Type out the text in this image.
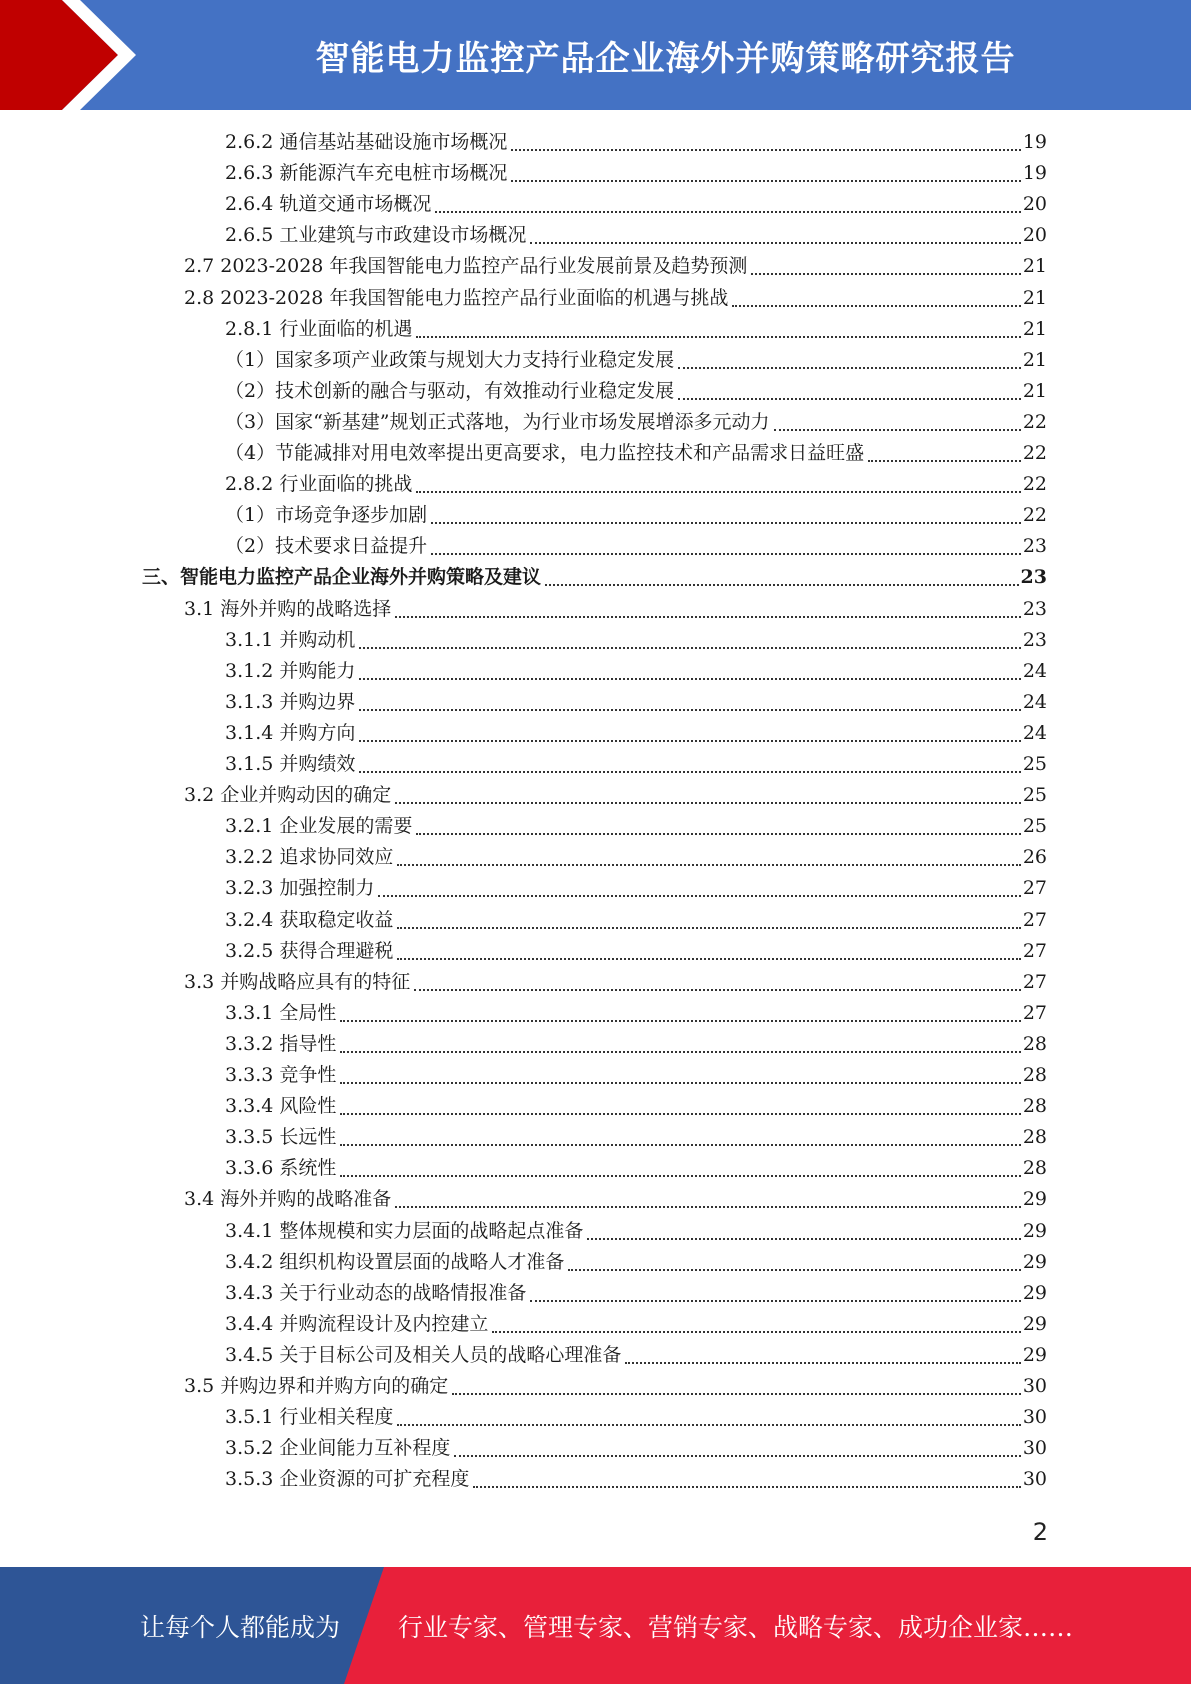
智能电力监控产品企业海外并购策略研究报告
2.6.2 通信基站基础设施市场概况	19
2.6.3 新能源汽车充电桩市场概况	19
2.6.4 轨道交通市场概况	20
2.6.5 工业建筑与市政建设市场概况	20
2.7 2023-2028 年我国智能电力监控产品行业发展前景及趋势预测	21
2.8 2023-2028 年我国智能电力监控产品行业面临的机遇与挑战	21
2.8.1 行业面临的机遇	21
（1）国家多项产业政策与规划大力支持行业稳定发展	21
（2）技术创新的融合与驱动，有效推动行业稳定发展	21
（3）国家“新基建”规划正式落地，为行业市场发展增添多元动力	22
（4）节能减排对用电效率提出更高要求，电力监控技术和产品需求日益旺盛	22
2.8.2 行业面临的挑战	22
（1）市场竞争逐步加剧	22
（2）技术要求日益提升	23
三、智能电力监控产品企业海外并购策略及建议	23
3.1 海外并购的战略选择	23
3.1.1 并购动机	23
3.1.2 并购能力	24
3.1.3 并购边界	24
3.1.4 并购方向	24
3.1.5 并购绩效	25
3.2 企业并购动因的确定	25
3.2.1 企业发展的需要	25
3.2.2 追求协同效应	26
3.2.3 加强控制力	27
3.2.4 获取稳定收益	27
3.2.5 获得合理避税	27
3.3 并购战略应具有的特征	27
3.3.1 全局性	27
3.3.2 指导性	28
3.3.3 竞争性	28
3.3.4 风险性	28
3.3.5 长远性	28
3.3.6 系统性	28
3.4 海外并购的战略准备	29
3.4.1 整体规模和实力层面的战略起点准备	29
3.4.2 组织机构设置层面的战略人才准备	29
3.4.3 关于行业动态的战略情报准备	29
3.4.4 并购流程设计及内控建立	29
3.4.5 关于目标公司及相关人员的战略心理准备	29
3.5 并购边界和并购方向的确定	30
3.5.1 行业相关程度	30
3.5.2 企业间能力互补程度	30
3.5.3 企业资源的可扩充程度	30
2
让每个人都能成为 行业专家、管理专家、营销专家、战略专家、成功企业家……
